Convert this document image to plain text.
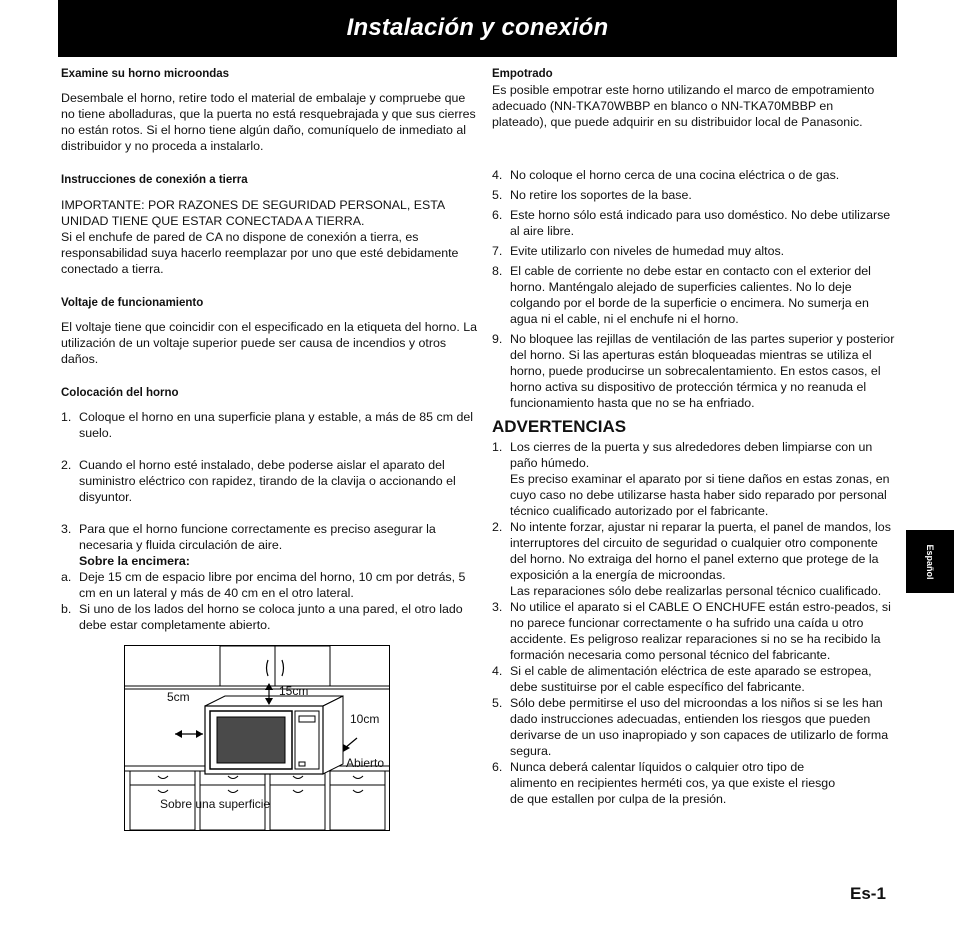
Instalación y conexión
Español
Examine su horno microondas

Desembale el horno, retire todo el material de embalaje y compruebe que no tiene abolladuras, que la puerta no está resquebrajada y que sus cierres no están rotos. Si el horno tiene algún daño, comuníquelo de inmediato al distribuidor y no proceda a instalarlo.

Instrucciones de conexión a tierra

IMPORTANTE: POR RAZONES DE SEGURIDAD PERSONAL, ESTA UNIDAD TIENE QUE ESTAR CONECTADA A TIERRA.

Si el enchufe de pared de CA no dispone de conexión a tierra, es responsabilidad suya hacerlo reemplazar por uno que esté debidamente conectado a tierra.

Voltaje de funcionamiento

El voltaje tiene que coincidir con el especificado en la etiqueta del horno. La utilización de un voltaje superior puede ser causa de incendios y otros daños.

Colocación del horno
1. Coloque el horno en una superficie plana y estable, a más de 85 cm del suelo.
2. Cuando el horno esté instalado, debe poderse aislar el aparato del suministro eléctrico con rapidez, tirando de la clavija o accionando el disyuntor.
3. Para que el horno funcione correctamente es preciso asegurar la necesaria y fluida circulación de aire.
Sobre la encimera:
a. Deje 15 cm de espacio libre por encima del horno, 10 cm por detrás, 5 cm en un lateral y más de 40 cm en el otro lateral.
b. Si uno de los lados del horno se coloca junto a una pared, el otro lado debe estar completamente abierto.
15cm
5cm
10cm
Abierto
Sobre una superficie
Empotrado

Es posible empotrar este horno utilizando el marco de empotramiento adecuado (NN-TKA70WBBP en blanco o NN-TKA70MBBP en plateado), que puede adquirir en su distribuidor local de Panasonic.

4. No coloque el horno cerca de una cocina eléctrica o de gas.
5. No retire los soportes de la base.
6. Este horno sólo está indicado para uso doméstico. No debe utilizarse al aire libre.
7. Evite utilizarlo con niveles de humedad muy altos.
8. El cable de corriente no debe estar en contacto con el exterior del horno. Manténgalo alejado de superficies calientes. No lo deje colgando por el borde de la superficie o encimera. No sumerja en agua ni el cable, ni el enchufe ni el horno.
9. No bloquee las rejillas de ventilación de las partes superior y posterior del horno. Si las aperturas están bloqueadas mientras se utiliza el horno, puede producirse un sobrecalentamiento. En estos casos, el horno activa su dispositivo de protección térmica y no reanuda el funcionamiento hasta que no se ha enfriado.
ADVERTENCIAS
1. Los cierres de la puerta y sus alrededores deben limpiarse con un paño húmedo.
Es preciso examinar el aparato por si tiene daños en estas zonas, en cuyo caso no debe utilizarse hasta haber sido reparado por personal técnico cualificado autorizado por el fabricante.
2. No intente forzar, ajustar ni reparar la puerta, el panel de mandos, los interruptores del circuito de seguridad o cualquier otro componente del horno. No extraiga del horno el panel externo que protege de la exposición a la energía de microondas.
Las reparaciones sólo debe realizarlas personal técnico cualificado.
3. No utilice el aparato si el CABLE O ENCHUFE están estro-peados, si no parece funcionar correctamente o ha sufrido una caída u otro accidente. Es peligroso realizar reparaciones si no se ha recibido la formación necesaria como personal técnico del fabricante.
4. Si el cable de alimentación eléctrica de este aparado se estropea, debe sustituirse por el cable específico del fabricante.
5. Sólo debe permitirse el uso del microondas a los niños si se les han dado instrucciones adecuadas, entienden los riesgos que pueden derivarse de un uso inapropiado y son capaces de utilizarlo de forma segura.
6. Nunca deberá calentar líquidos o calquier otro tipo de alimento en recipientes herméti cos, ya que existe el riesgo de que estallen por culpa de la presión.
Es-1
